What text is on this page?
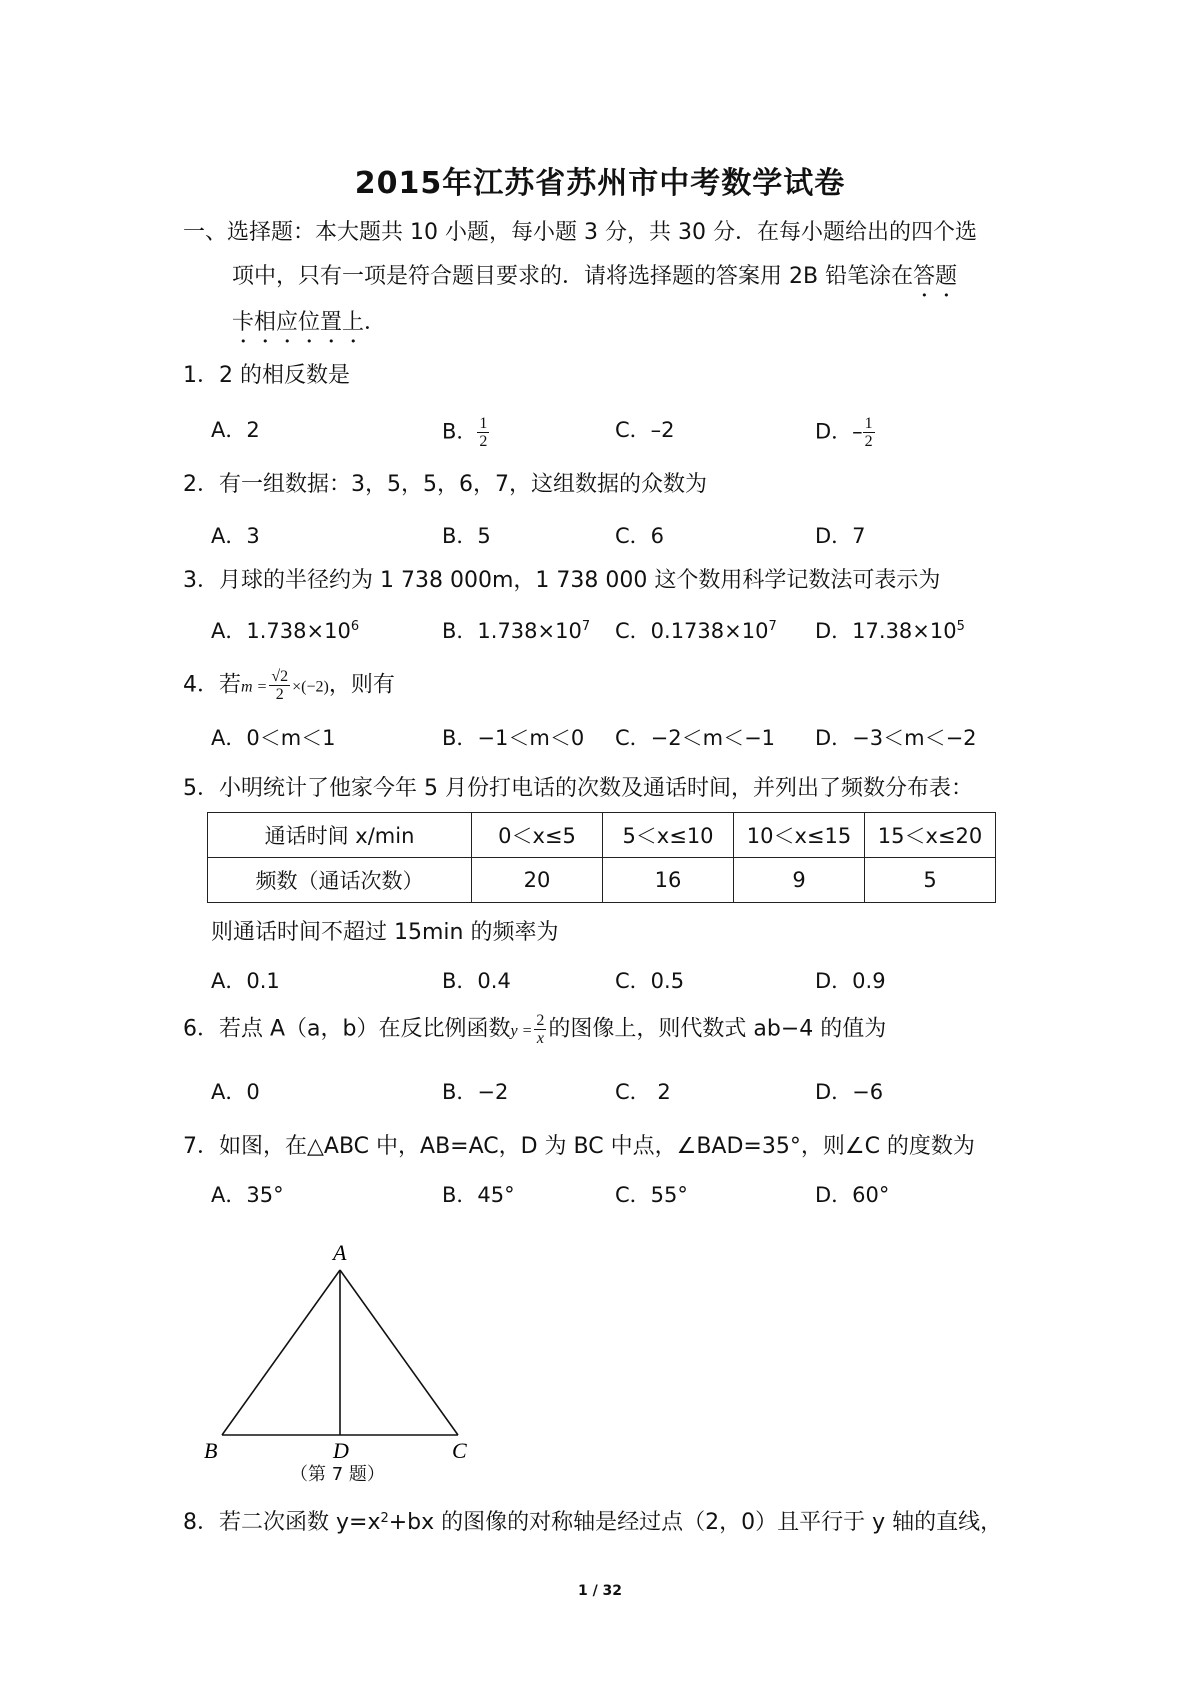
2015年江苏省苏州市中考数学试卷
一、选择题：本大题共 10 小题，每小题 3 分，共 30 分．在每小题给出的四个选
项中，只有一项是符合题目要求的．请将选择题的答案用 2B 铅笔涂在答题
卡相应位置上．
1．2 的相反数是
A．2	B． $\frac{1}{2}$	C．–2	D．– $\frac{1}{2}$
2．有一组数据：3，5，5，6，7，这组数据的众数为
A．3	B．5	C．6	D．7
3．月球的半径约为 1 738 000m，1 738 000 这个数用科学记数法可表示为
A．$1.738\times 10^6$	B．$1.738\times 10^7$ C．$0.1738\times 10^7$ D．$17.38\times 10^5$
4．若$m = \frac{√2}{2} \times(-2)$，则有
A．0＜m＜1	B．−1＜m＜0 C．−2＜m＜−1 D．−3＜m＜−2
5．小明统计了他家今年 5 月份打电话的次数及通话时间，并列出了频数分布表：
通话时间 x/min	0＜x≤5	5＜x≤10	10＜x≤15	15＜x≤20
频数（通话次数）	20	16	9	5
则通话时间不超过 15min 的频率为
A．0.1	B．0.4	C．0.5	D．0.9
6．若点 A（a，b）在反比例函数$y = \frac{2}{x}$ 的图像上，则代数式 ab−4 的值为
A．0	B．−2	C． 2	D．−6
7．如图，在△ABC 中，AB=AC，D 为 BC 中点，∠BAD=35°，则∠C 的度数为
A．35°	B．45°	C．55°	D．60°
A
B	D	C
（第 7 题）
8．若二次函数 $y=x^2+bx$ 的图像的对称轴是经过点（2，0）且平行于 y 轴的直线，
1 / 32
